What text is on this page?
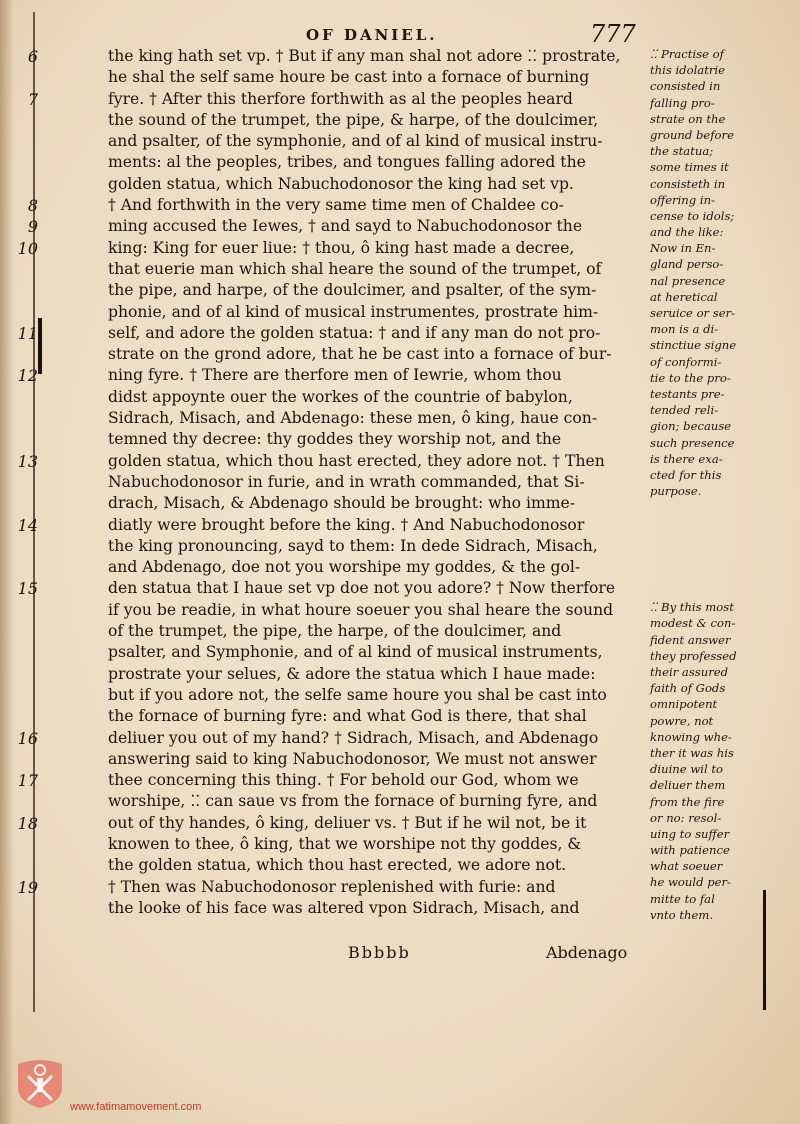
OF DANIEL.	777
6	the king hath set vp. † But if any man shal not adore ⁚⁚ prostrate,
he shal the self same houre be cast into a fornace of burning
7	fyre. † After this therfore forthwith as al the peoples heard
the sound of the trumpet, the pipe, & harpe, of the doulcimer,
and psalter, of the symphonie, and of al kind of musical instru-
ments: al the peoples, tribes, and tongues falling adored the
golden statua, which Nabuchodonosor the king had set vp.
8	† And forthwith in the very same time men of Chaldee co-
9	ming accused the Iewes, † and sayd to Nabuchodonosor the
10	king: King for euer liue: † thou, ô king hast made a decree,
that euerie man which shal heare the sound of the trumpet, of
the pipe, and harpe, of the doulcimer, and psalter, of the sym-
phonie, and of al kind of musical instrumentes, prostrate him-
11	self, and adore the golden statua: † and if any man do not pro-
strate on the grond adore, that he be cast into a fornace of bur-
12	ning fyre. † There are therfore men of Iewrie, whom thou
didst appoynte ouer the workes of the countrie of babylon,
Sidrach, Misach, and Abdenago: these men, ô king, haue con-
temned thy decree: thy goddes they worship not, and the
13	golden statua, which thou hast erected, they adore not. † Then
Nabuchodonosor in furie, and in wrath commanded, that Si-
drach, Misach, & Abdenago should be brought: who imme-
14	diatly were brought before the king. † And Nabuchodonosor
the king pronouncing, sayd to them: In dede Sidrach, Misach,
and Abdenago, doe not you worshipe my goddes, & the gol-
15	den statua that I haue set vp doe not you adore? † Now therfore
if you be readie, in what houre soeuer you shal heare the sound
of the trumpet, the pipe, the harpe, of the doulcimer, and
psalter, and Symphonie, and of al kind of musical instruments,
prostrate your selues, & adore the statua which I haue made:
but if you adore not, the selfe same houre you shal be cast into
the fornace of burning fyre: and what God is there, that shal
16	deliuer you out of my hand? † Sidrach, Misach, and Abdenago
answering said to king Nabuchodonosor, We must not answer
17	thee concerning this thing. † For behold our God, whom we
worshipe, ⁚⁚ can saue vs from the fornace of burning fyre, and
18	out of thy handes, ô king, deliuer vs. † But if he wil not, be it
knowen to thee, ô king, that we worshipe not thy goddes, &
the golden statua, which thou hast erected, we adore not.
19	† Then was Nabuchodonosor replenished with furie: and
the looke of his face was altered vpon Sidrach, Misach, and
⁚⁚ Practise of
this idolatrie
consisted in
falling pro-
strate on the
ground before
the statua;
some times it
consisteth in
offering in-
cense to idols;
and the like:
Now in En-
gland perso-
nal presence
at heretical
seruice or ser-
mon is a di-
stinctiue signe
of conformi-
tie to the pro-
testants pre-
tended reli-
gion; because
such presence
is there exa-
cted for this
purpose.
⁚⁚ By this most
modest & con-
fident answer
they professed
their assured
faith of Gods
omnipotent
powre, not
knowing whe-
ther it was his
diuine wil to
deliuer them
from the fire
or no: resol-
uing to suffer
with patience
what soeuer
he would per-
mitte to fal
vnto them.
Bbbbb	Abdenago
www.fatimamovement.com
